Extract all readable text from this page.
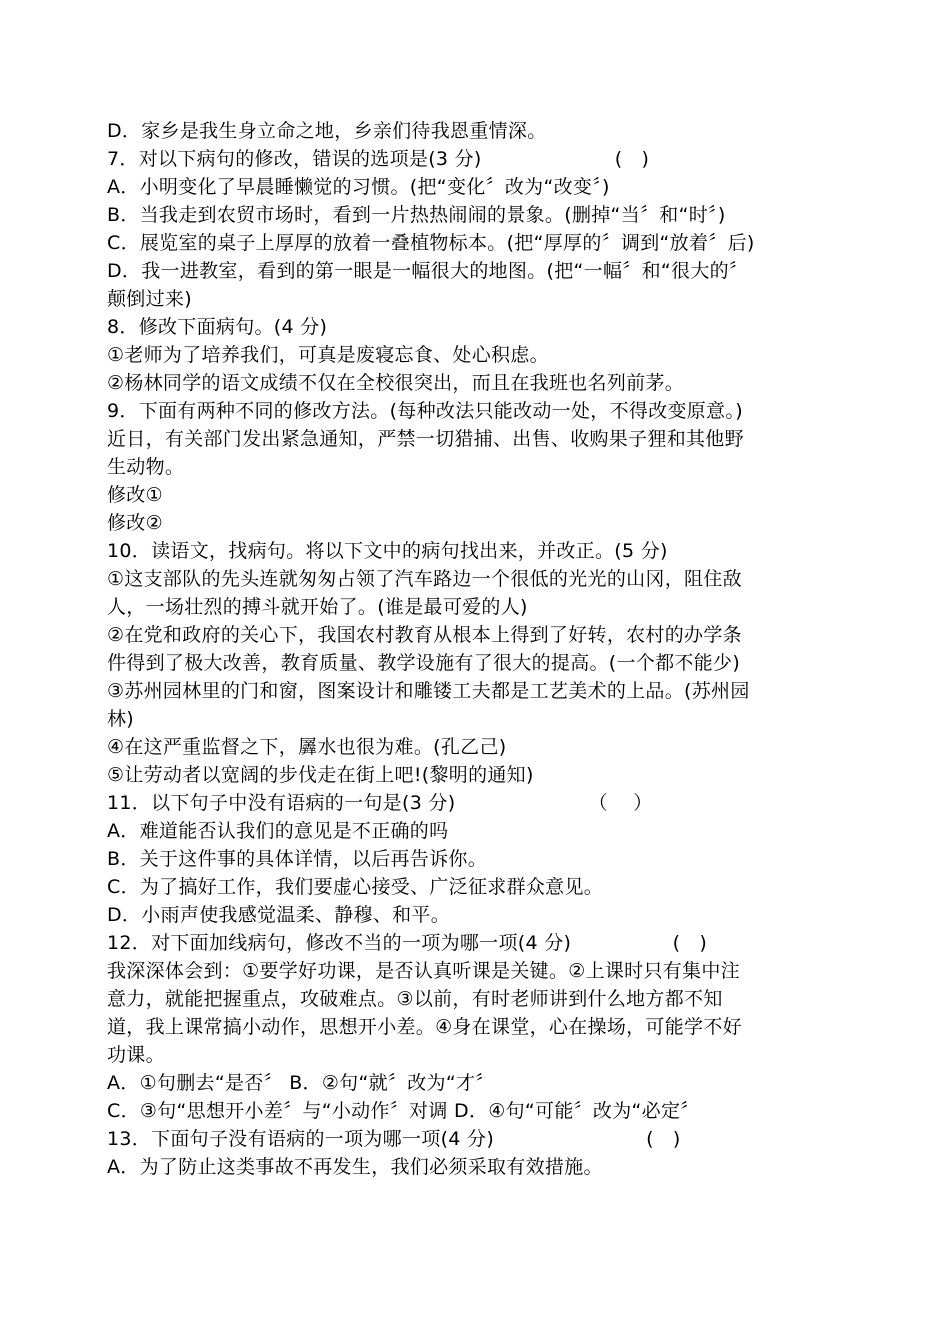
D．家乡是我生身立命之地，乡亲们待我恩重情深。
7．对以下病句的修改，错误的选项是(3 分)                     (   )
A．小明变化了早晨睡懒觉的习惯。(把“变化〞改为“改变〞)
B．当我走到农贸市场时，看到一片热热闹闹的景象。(删掉“当〞和“时〞)
C．展览室的桌子上厚厚的放着一叠植物标本。(把“厚厚的〞调到“放着〞后)
D．我一进教室，看到的第一眼是一幅很大的地图。(把“一幅〞和“很大的〞
颠倒过来)
8．修改下面病句。(4 分)
①老师为了培养我们，可真是废寝忘食、处心积虑。
②杨林同学的语文成绩不仅在全校很突出，而且在我班也名列前茅。
9．下面有两种不同的修改方法。(每种改法只能改动一处，不得改变原意。)
近日，有关部门发出紧急通知，严禁一切猎捕、出售、收购果子狸和其他野
生动物。
修改①
修改②
10．读语文，找病句。将以下文中的病句找出来，并改正。(5 分)
①这支部队的先头连就匆匆占领了汽车路边一个很低的光光的山冈，阻住敌
人，一场壮烈的搏斗就开始了。(谁是最可爱的人)
②在党和政府的关心下，我国农村教育从根本上得到了好转，农村的办学条
件得到了极大改善，教育质量、教学设施有了很大的提高。(一个都不能少)
③苏州园林里的门和窗，图案设计和雕镂工夫都是工艺美术的上品。(苏州园
林)
④在这严重监督之下，羼水也很为难。(孔乙己)
⑤让劳动者以宽阔的步伐走在街上吧!(黎明的通知)
11．以下句子中没有语病的一句是(3 分)                     （    ）
A．难道能否认我们的意见是不正确的吗
B．关于这件事的具体详情，以后再告诉你。
C．为了搞好工作，我们要虚心接受、广泛征求群众意见。
D．小雨声使我感觉温柔、静穆、和平。
12．对下面加线病句，修改不当的一项为哪一项(4 分)                (   )
我深深体会到：①要学好功课，是否认真听课是关键。②上课时只有集中注
意力，就能把握重点，攻破难点。③以前，有时老师讲到什么地方都不知
道，我上课常搞小动作，思想开小差。④身在课堂，心在操场，可能学不好
功课。
A．①句删去“是否〞 B．②句“就〞改为“才〞
C．③句“思想开小差〞与“小动作〞对调 D．④句“可能〞改为“必定〞
13．下面句子没有语病的一项为哪一项(4 分)                        (   )
A．为了防止这类事故不再发生，我们必须采取有效措施。
